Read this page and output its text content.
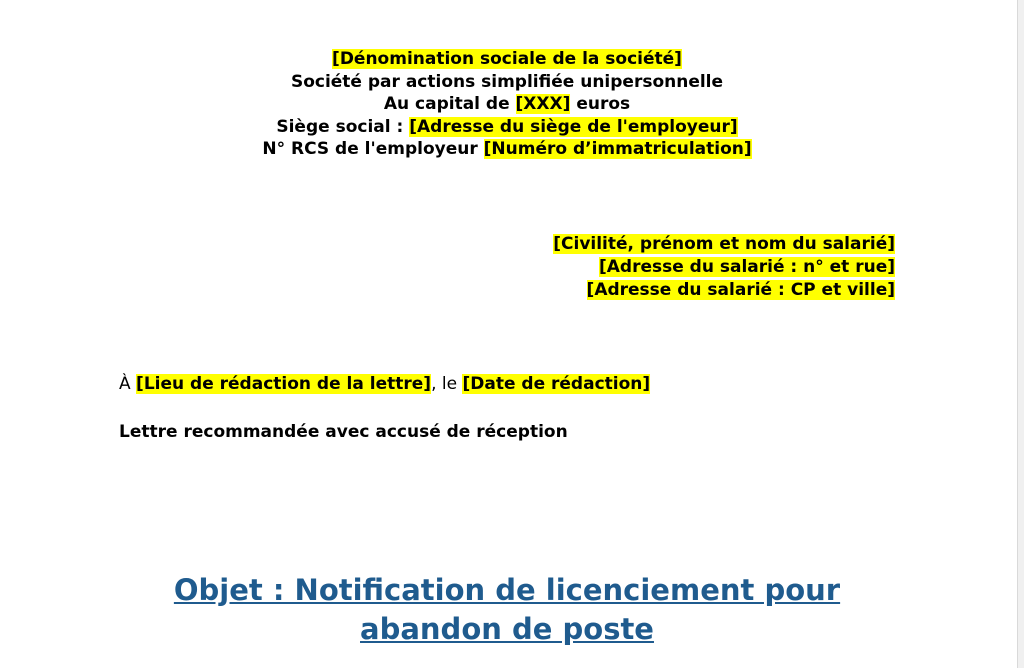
[Dénomination sociale de la société]
Société par actions simplifiée unipersonnelle
Au capital de [XXX] euros
Siège social : [Adresse du siège de l'employeur]
N° RCS de l'employeur [Numéro d’immatriculation]
[Civilité, prénom et nom du salarié]
[Adresse du salarié : n° et rue]
[Adresse du salarié : CP et ville]
À [Lieu de rédaction de la lettre], le [Date de rédaction]
Lettre recommandée avec accusé de réception
Objet : Notification de licenciement pour
abandon de poste
